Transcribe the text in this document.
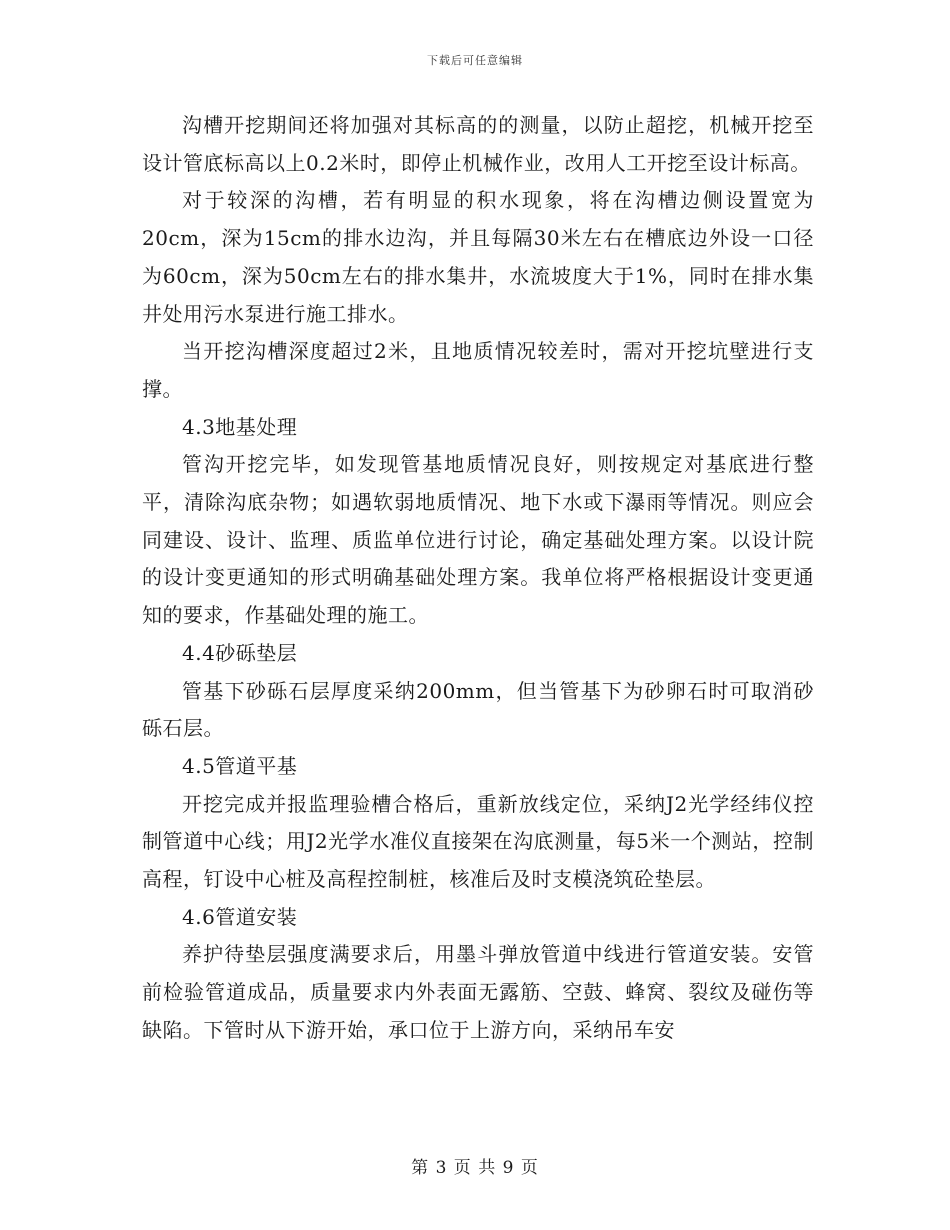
下载后可任意编辑

沟槽开挖期间还将加强对其标高的的测量，以防止超挖，机械开挖至设计管底标高以上0.2米时，即停止机械作业，改用人工开挖至设计标高。

对于较深的沟槽，若有明显的积水现象，将在沟槽边侧设置宽为20cm，深为15cm的排水边沟，并且每隔30米左右在槽底边外设一口径为60cm，深为50cm左右的排水集井，水流坡度大于1%，同时在排水集井处用污水泵进行施工排水。

当开挖沟槽深度超过2米，且地质情况较差时，需对开挖坑壁进行支撑。

4.3地基处理

管沟开挖完毕，如发现管基地质情况良好，则按规定对基底进行整平，清除沟底杂物；如遇软弱地质情况、地下水或下瀑雨等情况。则应会同建设、设计、监理、质监单位进行讨论，确定基础处理方案。以设计院的设计变更通知的形式明确基础处理方案。我单位将严格根据设计变更通知的要求，作基础处理的施工。

4.4砂砾垫层

管基下砂砾石层厚度采纳200mm，但当管基下为砂卵石时可取消砂砾石层。

4.5管道平基

开挖完成并报监理验槽合格后，重新放线定位，采纳J2光学经纬仪控制管道中心线；用J2光学水准仪直接架在沟底测量，每5米一个测站，控制高程，钉设中心桩及高程控制桩，核准后及时支模浇筑砼垫层。

4.6管道安装

养护待垫层强度满要求后，用墨斗弹放管道中线进行管道安装。安管前检验管道成品，质量要求内外表面无露筋、空鼓、蜂窝、裂纹及碰伤等缺陷。下管时从下游开始，承口位于上游方向，采纳吊车安

第 3 页 共 9 页
